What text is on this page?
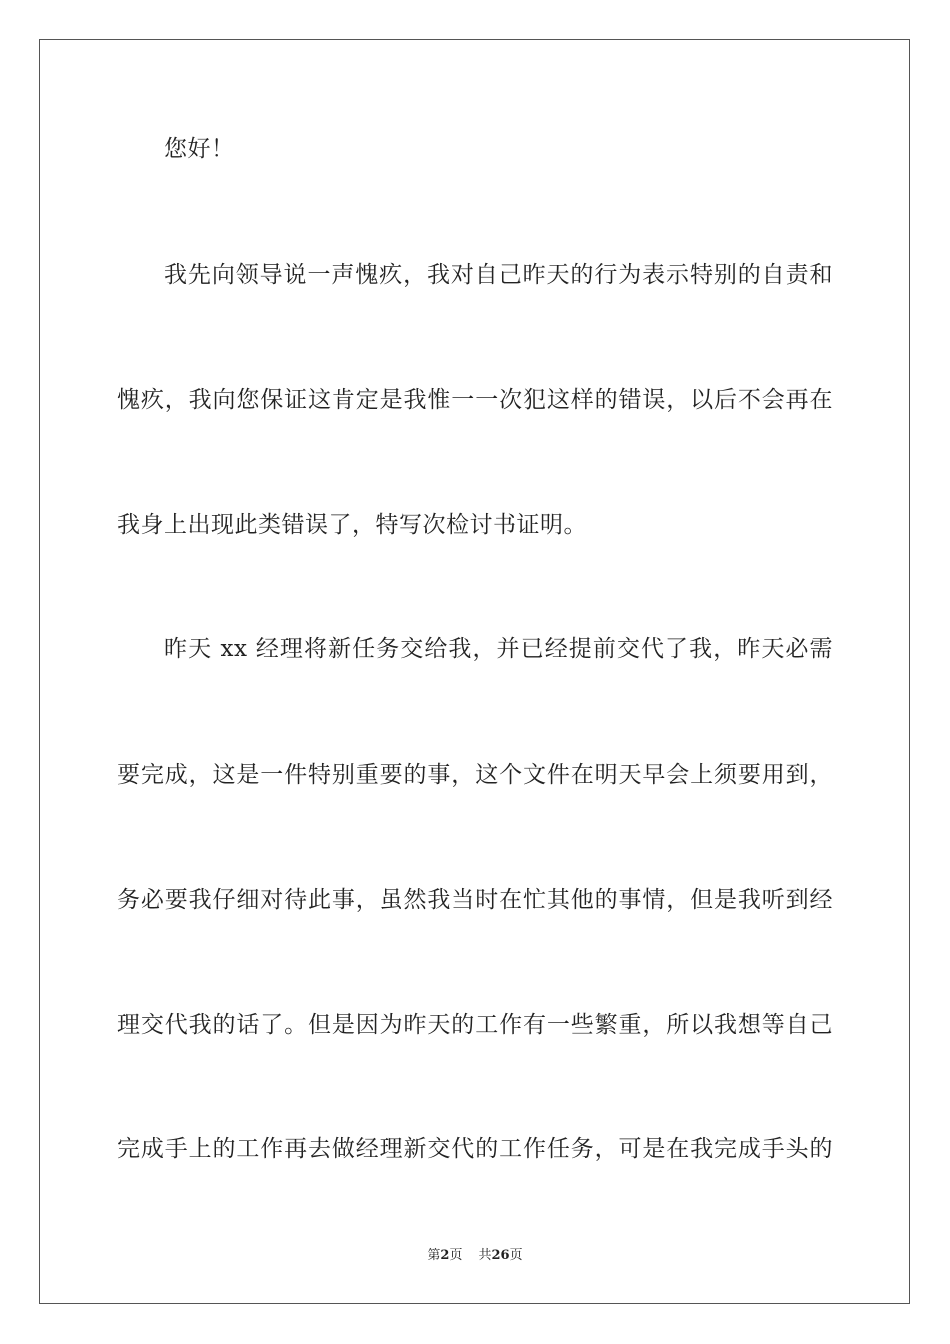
您好！
我先向领导说一声愧疚，我对自己昨天的行为表示特别的自责和
愧疚，我向您保证这肯定是我惟一一次犯这样的错误，以后不会再在
我身上出现此类错误了，特写次检讨书证明。
昨天 xx 经理将新任务交给我，并已经提前交代了我，昨天必需
要完成，这是一件特别重要的事，这个文件在明天早会上须要用到，
务必要我仔细对待此事，虽然我当时在忙其他的事情，但是我听到经
理交代我的话了。但是因为昨天的工作有一些繁重，所以我想等自己
完成手上的工作再去做经理新交代的工作任务，可是在我完成手头的
第2页 共26页
